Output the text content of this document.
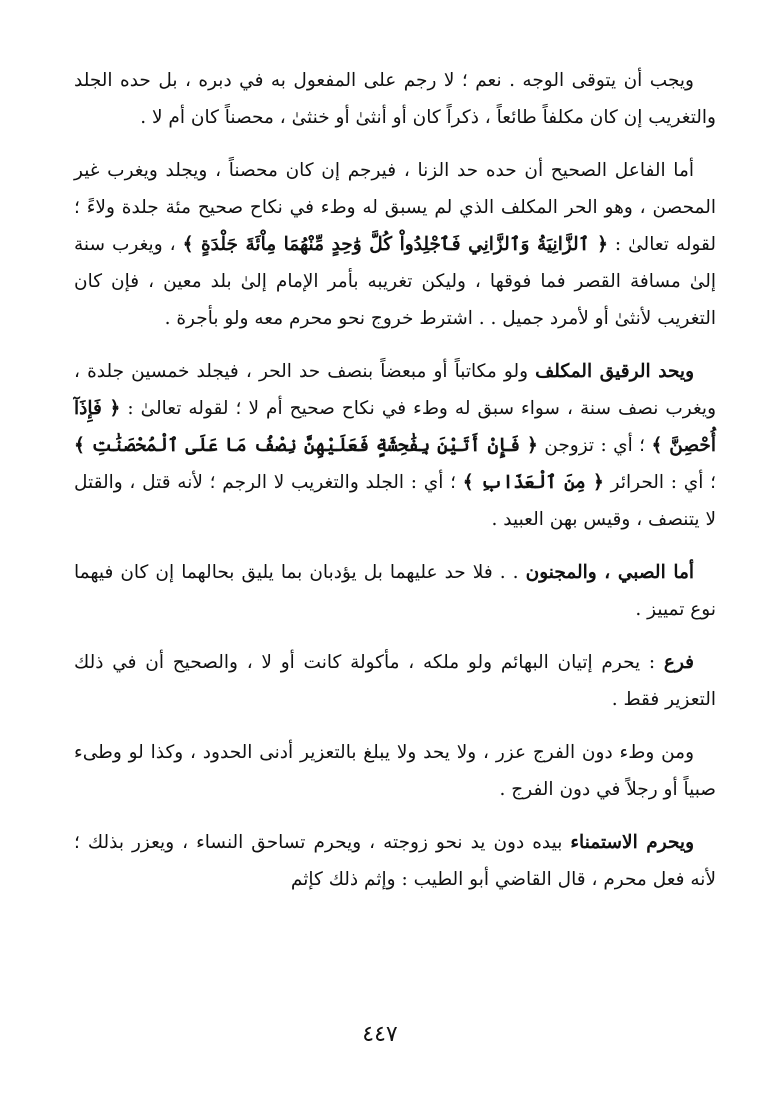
ويجب أن يتوقى الوجه . نعم ؛ لا رجم على المفعول به في دبره ، بل حده الجلد والتغريب إن كان مكلفاً طائعاً ، ذكراً كان أو أنثىٰ أو خنثىٰ ، محصناً كان أم لا .

أما الفاعل الصحيح أن حده حد الزنا ، فيرجم إن كان محصناً ، ويجلد ويغرب غير المحصن ، وهو الحر المكلف الذي لم يسبق له وطء في نكاح صحيح مئة جلدة ولاءً ؛ لقوله تعالىٰ : ﴿ ٱلزَّانِيَةُ وَٱلزَّانِي فَٱجْلِدُواْ كُلَّ وَٰحِدٍ مِّنْهُمَا مِاْئَةَ جَلْدَةٍ ﴾ ، ويغرب سنة إلىٰ مسافة القصر فما فوقها ، وليكن تغريبه بأمر الإمام إلىٰ بلد معين ، فإن كان التغريب لأنثىٰ أو لأمرد جميل . . اشترط خروج نحو محرم معه ولو بأجرة .

ويحد الرقيق المكلف ولو مكاتباً أو مبعضاً بنصف حد الحر ، فيجلد خمسين جلدة ، ويغرب نصف سنة ، سواء سبق له وطء في نكاح صحيح أم لا ؛ لقوله تعالىٰ : ﴿ فَإِذَآ أُحْصِنَّ ﴾ ؛ أي : تزوجن ﴿ فَإِنْ أَتَيْنَ بِفَٰحِشَةٍ فَعَلَيْهِنَّ نِصْفُ مَا عَلَى ٱلْمُحْصَنَٰتِ ﴾ ؛ أي : الحرائر ﴿ مِنَ ٱلْعَذَابِ ﴾ ؛ أي : الجلد والتغريب لا الرجم ؛ لأنه قتل ، والقتل لا يتنصف ، وقيس بهن العبيد .

أما الصبي ، والمجنون . . فلا حد عليهما بل يؤدبان بما يليق بحالهما إن كان فيهما نوع تمييز .

فرع : يحرم إتيان البهائم ولو ملكه ، مأكولة كانت أو لا ، والصحيح أن في ذلك التعزير فقط .

ومن وطء دون الفرج عزر ، ولا يحد ولا يبلغ بالتعزير أدنى الحدود ، وكذا لو وطىء صبياً أو رجلاً في دون الفرج .

ويحرم الاستمناء بيده دون يد نحو زوجته ، ويحرم تساحق النساء ، ويعزر بذلك ؛ لأنه فعل محرم ، قال القاضي أبو الطيب : وإثم ذلك كإثم

٤٤٧
